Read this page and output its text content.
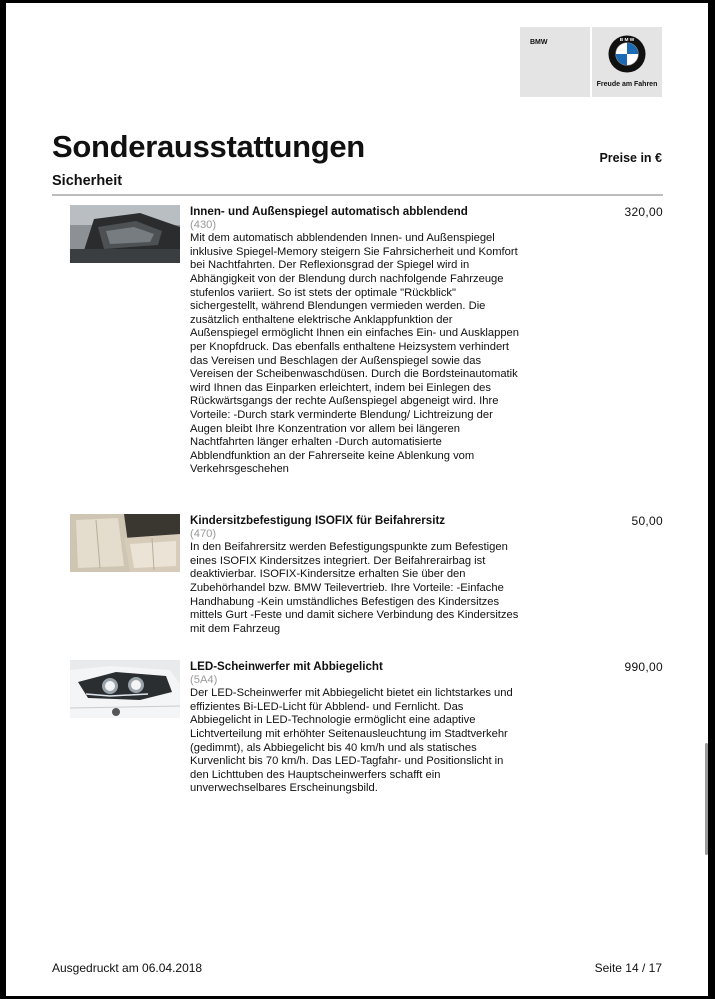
BMW	B M W
Freude am Fahren
Sonderausstattungen	Preise in €
Sicherheit
Innen- und Außenspiegel automatisch abblendend
(430)
Mit dem automatisch abblendenden Innen- und Außenspiegel inklusive Spiegel-Memory steigern Sie Fahrsicherheit und Komfort bei Nachtfahrten. Der Reflexionsgrad der Spiegel wird in Abhängigkeit von der Blendung durch nachfolgende Fahrzeuge stufenlos variiert. So ist stets der optimale "Rückblick" sichergestellt, während Blendungen vermieden werden. Die zusätzlich enthaltene elektrische Anklappfunktion der Außenspiegel ermöglicht Ihnen ein einfaches Ein- und Ausklappen per Knopfdruck. Das ebenfalls enthaltene Heizsystem verhindert das Vereisen und Beschlagen der Außenspiegel sowie das Vereisen der Scheibenwaschdüsen. Durch die Bordsteinautomatik wird Ihnen das Einparken erleichtert, indem bei Einlegen des Rückwärtsgangs der rechte Außenspiegel abgeneigt wird. Ihre Vorteile: -Durch stark verminderte Blendung/ Lichtreizung der Augen bleibt Ihre Konzentration vor allem bei längeren Nachtfahrten länger erhalten -Durch automatisierte Abblendfunktion an der Fahrerseite keine Ablenkung vom Verkehrsgeschehen
320,00
Kindersitzbefestigung ISOFIX für Beifahrersitz
(470)
In den Beifahrersitz werden Befestigungspunkte zum Befestigen eines ISOFIX Kindersitzes integriert. Der Beifahrerairbag ist deaktivierbar. ISOFIX-Kindersitze erhalten Sie über den Zubehörhandel bzw. BMW Teilevertrieb. Ihre Vorteile: -Einfache Handhabung -Kein umständliches Befestigen des Kindersitzes mittels Gurt -Feste und damit sichere Verbindung des Kindersitzes mit dem Fahrzeug
50,00
LED-Scheinwerfer mit Abbiegelicht
(5A4)
Der LED-Scheinwerfer mit Abbiegelicht bietet ein lichtstarkes und effizientes Bi-LED-Licht für Abblend- und Fernlicht. Das Abbiegelicht in LED-Technologie ermöglicht eine adaptive Lichtverteilung mit erhöhter Seitenausleuchtung im Stadtverkehr (gedimmt), als Abbiegelicht bis 40 km/h und als statisches Kurvenlicht bis 70 km/h. Das LED-Tagfahr- und Positionslicht in den Lichttuben des Hauptscheinwerfers schafft ein unverwechselbares Erscheinungsbild.
990,00
Ausgedruckt am 06.04.2018	Seite 14 / 17
